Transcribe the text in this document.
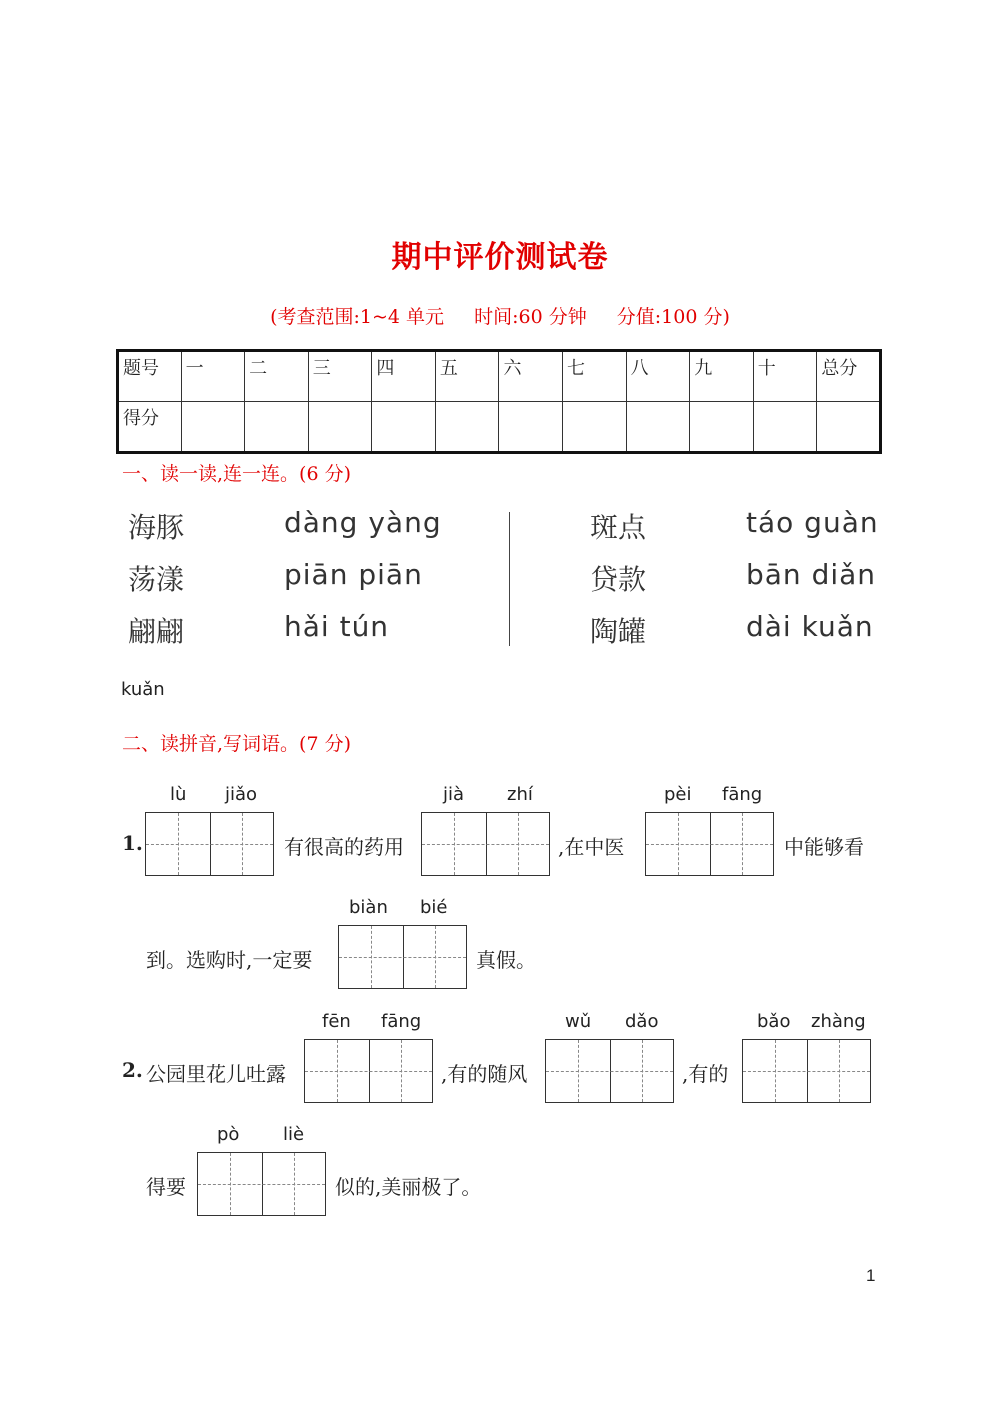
期中评价测试卷
(考查范围:1~4 单元 时间:60 分钟 分值:100 分)
题号	一	二	三	四	五	六	七	八	九	十	总分
得分											
一、读一读,连一连。(6 分)
海豚
荡漾
翩翩
dàng yàng
piān piān
hǎi tún
斑点
贷款
陶罐
táo guàn
bān diǎn
dài kuǎn
kuǎn
二、读拼音,写词语。(7 分)
1.
lù jiǎo
有很高的药用
jià zhí
,在中医
pèi fāng
中能够看
到。选购时,一定要
biàn bié
真假。
2. 公园里花儿吐露
fēn fāng
,有的随风
wǔ dǎo
,有的
bǎo zhàng
得要
pò liè
似的,美丽极了。
1
